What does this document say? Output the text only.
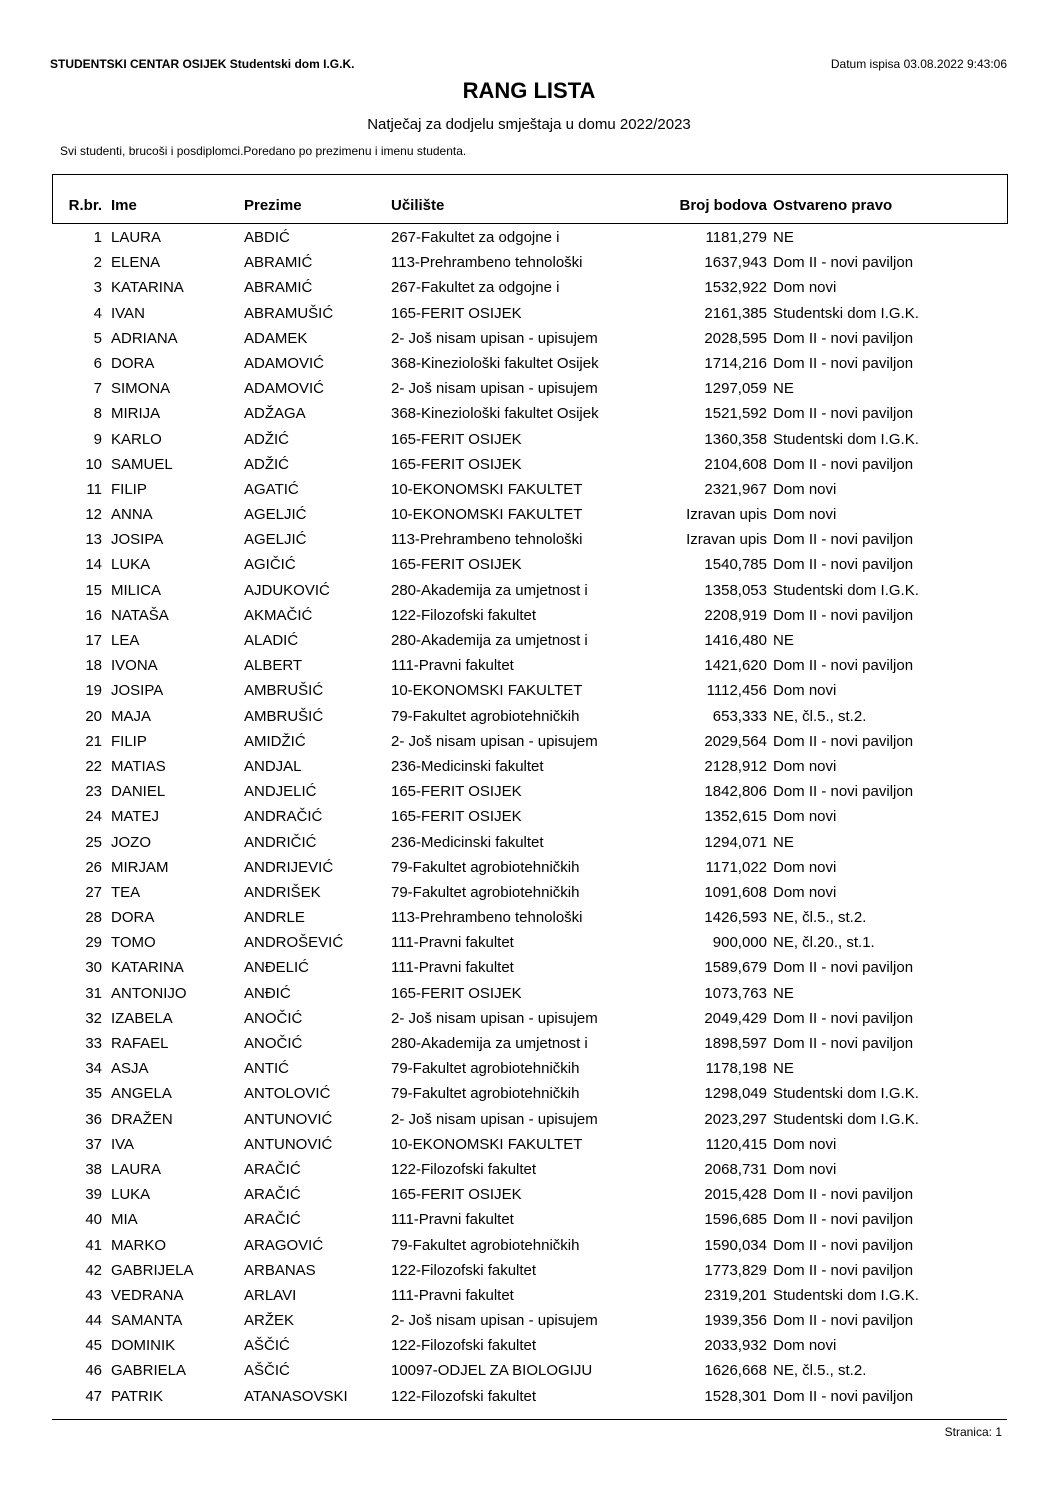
STUDENTSKI CENTAR OSIJEK Studentski dom I.G.K.	Datum ispisa 03.08.2022 9:43:06
RANG LISTA
Natječaj za dodjelu smještaja u domu 2022/2023
Svi studenti, brucoši i posdiplomci.Poredano po prezimenu i imenu studenta.
R.br. Ime	Prezime	Učilište	Broj bodova Ostvareno pravo
1 LAURA	ABDIĆ	267-Fakultet za odgojne i	1181,279 NE
2 ELENA	ABRAMIĆ	113-Prehrambeno tehnološki	1637,943 Dom II - novi paviljon
3 KATARINA	ABRAMIĆ	267-Fakultet za odgojne i	1532,922 Dom novi
4 IVAN	ABRAMUŠIĆ	165-FERIT OSIJEK	2161,385 Studentski dom I.G.K.
5 ADRIANA	ADAMEK	2- Još nisam upisan - upisujem	2028,595 Dom II - novi paviljon
6 DORA	ADAMOVIĆ	368-Kineziološki fakultet Osijek	1714,216 Dom II - novi paviljon
7 SIMONA	ADAMOVIĆ	2- Još nisam upisan - upisujem	1297,059 NE
8 MIRIJA	ADŽAGA	368-Kineziološki fakultet Osijek	1521,592 Dom II - novi paviljon
9 KARLO	ADŽIĆ	165-FERIT OSIJEK	1360,358 Studentski dom I.G.K.
10 SAMUEL	ADŽIĆ	165-FERIT OSIJEK	2104,608 Dom II - novi paviljon
11 FILIP	AGATIĆ	10-EKONOMSKI FAKULTET	2321,967 Dom novi
12 ANNA	AGELJIĆ	10-EKONOMSKI FAKULTET	Izravan upis Dom novi
13 JOSIPA	AGELJIĆ	113-Prehrambeno tehnološki	Izravan upis Dom II - novi paviljon
14 LUKA	AGIČIĆ	165-FERIT OSIJEK	1540,785 Dom II - novi paviljon
15 MILICA	AJDUKOVIĆ	280-Akademija za umjetnost i	1358,053 Studentski dom I.G.K.
16 NATAŠA	AKMAČIĆ	122-Filozofski fakultet	2208,919 Dom II - novi paviljon
17 LEA	ALADIĆ	280-Akademija za umjetnost i	1416,480 NE
18 IVONA	ALBERT	111-Pravni fakultet	1421,620 Dom II - novi paviljon
19 JOSIPA	AMBRUŠIĆ	10-EKONOMSKI FAKULTET	1112,456 Dom novi
20 MAJA	AMBRUŠIĆ	79-Fakultet agrobiotehničkih	653,333 NE, čl.5., st.2.
21 FILIP	AMIDŽIĆ	2- Još nisam upisan - upisujem	2029,564 Dom II - novi paviljon
22 MATIAS	ANDJAL	236-Medicinski fakultet	2128,912 Dom novi
23 DANIEL	ANDJELIĆ	165-FERIT OSIJEK	1842,806 Dom II - novi paviljon
24 MATEJ	ANDRAČIĆ	165-FERIT OSIJEK	1352,615 Dom novi
25 JOZO	ANDRIČIĆ	236-Medicinski fakultet	1294,071 NE
26 MIRJAM	ANDRIJEVIĆ	79-Fakultet agrobiotehničkih	1171,022 Dom novi
27 TEA	ANDRIŠEK	79-Fakultet agrobiotehničkih	1091,608 Dom novi
28 DORA	ANDRLE	113-Prehrambeno tehnološki	1426,593 NE, čl.5., st.2.
29 TOMO	ANDROŠEVIĆ	111-Pravni fakultet	900,000 NE, čl.20., st.1.
30 KATARINA	ANĐELIĆ	111-Pravni fakultet	1589,679 Dom II - novi paviljon
31 ANTONIJO	ANĐIĆ	165-FERIT OSIJEK	1073,763 NE
32 IZABELA	ANOČIĆ	2- Još nisam upisan - upisujem	2049,429 Dom II - novi paviljon
33 RAFAEL	ANOČIĆ	280-Akademija za umjetnost i	1898,597 Dom II - novi paviljon
34 ASJA	ANTIĆ	79-Fakultet agrobiotehničkih	1178,198 NE
35 ANGELA	ANTOLOVIĆ	79-Fakultet agrobiotehničkih	1298,049 Studentski dom I.G.K.
36 DRAŽEN	ANTUNOVIĆ	2- Još nisam upisan - upisujem	2023,297 Studentski dom I.G.K.
37 IVA	ANTUNOVIĆ	10-EKONOMSKI FAKULTET	1120,415 Dom novi
38 LAURA	ARAČIĆ	122-Filozofski fakultet	2068,731 Dom novi
39 LUKA	ARAČIĆ	165-FERIT OSIJEK	2015,428 Dom II - novi paviljon
40 MIA	ARAČIĆ	111-Pravni fakultet	1596,685 Dom II - novi paviljon
41 MARKO	ARAGOVIĆ	79-Fakultet agrobiotehničkih	1590,034 Dom II - novi paviljon
42 GABRIJELA	ARBANAS	122-Filozofski fakultet	1773,829 Dom II - novi paviljon
43 VEDRANA	ARLAVI	111-Pravni fakultet	2319,201 Studentski dom I.G.K.
44 SAMANTA	ARŽEK	2- Još nisam upisan - upisujem	1939,356 Dom II - novi paviljon
45 DOMINIK	AŠČIĆ	122-Filozofski fakultet	2033,932 Dom novi
46 GABRIELA	AŠČIĆ	10097-ODJEL ZA BIOLOGIJU	1626,668 NE, čl.5., st.2.
47 PATRIK	ATANASOVSKI	122-Filozofski fakultet	1528,301 Dom II - novi paviljon
Stranica: 1
